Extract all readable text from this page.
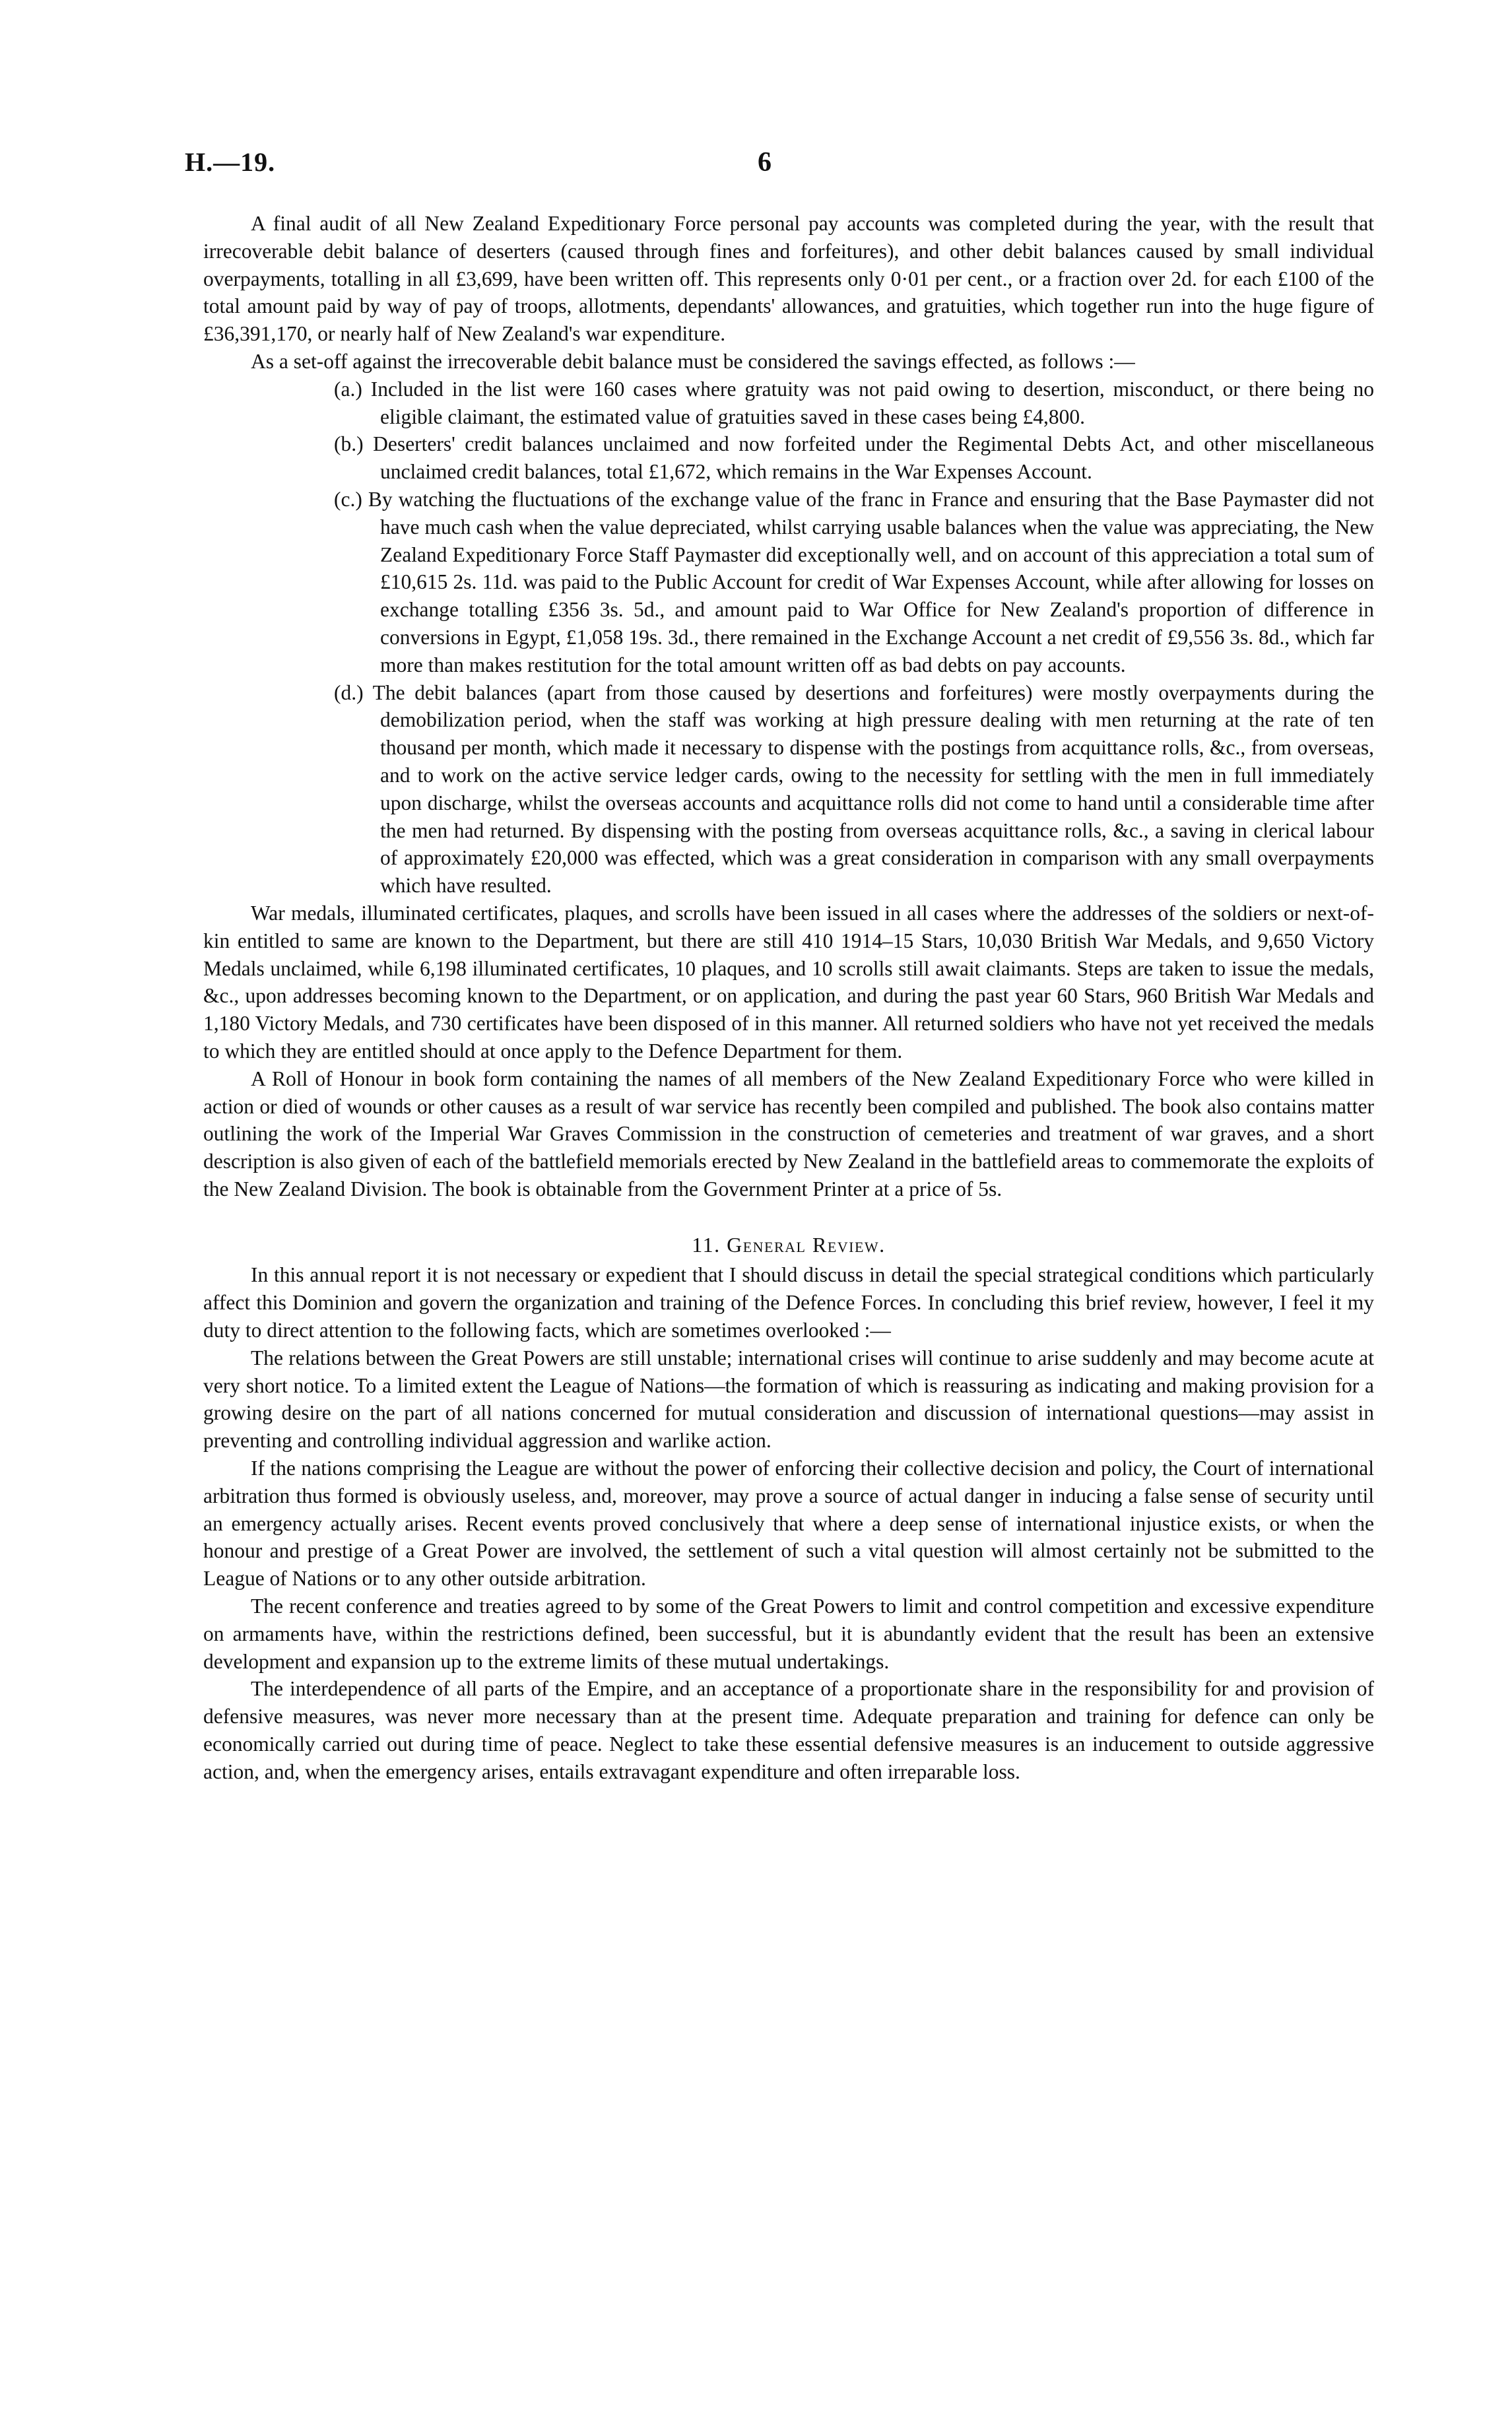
H.—19.	6

A final audit of all New Zealand Expeditionary Force personal pay accounts was completed during the year, with the result that irrecoverable debit balance of deserters (caused through fines and forfeitures), and other debit balances caused by small individual overpayments, totalling in all £3,699, have been written off. This represents only 0·01 per cent., or a fraction over 2d. for each £100 of the total amount paid by way of pay of troops, allotments, dependants' allowances, and gratuities, which together run into the huge figure of £36,391,170, or nearly half of New Zealand's war expenditure.

As a set-off against the irrecoverable debit balance must be considered the savings effected, as follows :—

(a.) Included in the list were 160 cases where gratuity was not paid owing to desertion, misconduct, or there being no eligible claimant, the estimated value of gratuities saved in these cases being £4,800.

(b.) Deserters' credit balances unclaimed and now forfeited under the Regimental Debts Act, and other miscellaneous unclaimed credit balances, total £1,672, which remains in the War Expenses Account.

(c.) By watching the fluctuations of the exchange value of the franc in France and ensuring that the Base Paymaster did not have much cash when the value depreciated, whilst carrying usable balances when the value was appreciating, the New Zealand Expeditionary Force Staff Paymaster did exceptionally well, and on account of this appreciation a total sum of £10,615 2s. 11d. was paid to the Public Account for credit of War Expenses Account, while after allowing for losses on exchange totalling £356 3s. 5d., and amount paid to War Office for New Zealand's proportion of difference in conversions in Egypt, £1,058 19s. 3d., there remained in the Exchange Account a net credit of £9,556 3s. 8d., which far more than makes restitution for the total amount written off as bad debts on pay accounts.

(d.) The debit balances (apart from those caused by desertions and forfeitures) were mostly overpayments during the demobilization period, when the staff was working at high pressure dealing with men returning at the rate of ten thousand per month, which made it necessary to dispense with the postings from acquittance rolls, &c., from overseas, and to work on the active service ledger cards, owing to the necessity for settling with the men in full immediately upon discharge, whilst the overseas accounts and acquittance rolls did not come to hand until a considerable time after the men had returned. By dispensing with the posting from overseas acquittance rolls, &c., a saving in clerical labour of approximately £20,000 was effected, which was a great consideration in comparison with any small overpayments which have resulted.

War medals, illuminated certificates, plaques, and scrolls have been issued in all cases where the addresses of the soldiers or next-of-kin entitled to same are known to the Department, but there are still 410 1914–15 Stars, 10,030 British War Medals, and 9,650 Victory Medals unclaimed, while 6,198 illuminated certificates, 10 plaques, and 10 scrolls still await claimants. Steps are taken to issue the medals, &c., upon addresses becoming known to the Department, or on application, and during the past year 60 Stars, 960 British War Medals and 1,180 Victory Medals, and 730 certificates have been disposed of in this manner. All returned soldiers who have not yet received the medals to which they are entitled should at once apply to the Defence Department for them.

A Roll of Honour in book form containing the names of all members of the New Zealand Expeditionary Force who were killed in action or died of wounds or other causes as a result of war service has recently been compiled and published. The book also contains matter outlining the work of the Imperial War Graves Commission in the construction of cemeteries and treatment of war graves, and a short description is also given of each of the battlefield memorials erected by New Zealand in the battlefield areas to commemorate the exploits of the New Zealand Division. The book is obtainable from the Government Printer at a price of 5s.

11. General Review.

In this annual report it is not necessary or expedient that I should discuss in detail the special strategical conditions which particularly affect this Dominion and govern the organization and training of the Defence Forces. In concluding this brief review, however, I feel it my duty to direct attention to the following facts, which are sometimes overlooked :—

The relations between the Great Powers are still unstable; international crises will continue to arise suddenly and may become acute at very short notice. To a limited extent the League of Nations—the formation of which is reassuring as indicating and making provision for a growing desire on the part of all nations concerned for mutual consideration and discussion of international questions—may assist in preventing and controlling individual aggression and warlike action.

If the nations comprising the League are without the power of enforcing their collective decision and policy, the Court of international arbitration thus formed is obviously useless, and, moreover, may prove a source of actual danger in inducing a false sense of security until an emergency actually arises. Recent events proved conclusively that where a deep sense of international injustice exists, or when the honour and prestige of a Great Power are involved, the settlement of such a vital question will almost certainly not be submitted to the League of Nations or to any other outside arbitration.

The recent conference and treaties agreed to by some of the Great Powers to limit and control competition and excessive expenditure on armaments have, within the restrictions defined, been successful, but it is abundantly evident that the result has been an extensive development and expansion up to the extreme limits of these mutual undertakings.

The interdependence of all parts of the Empire, and an acceptance of a proportionate share in the responsibility for and provision of defensive measures, was never more necessary than at the present time. Adequate preparation and training for defence can only be economically carried out during time of peace. Neglect to take these essential defensive measures is an inducement to outside aggressive action, and, when the emergency arises, entails extravagant expenditure and often irreparable loss.
